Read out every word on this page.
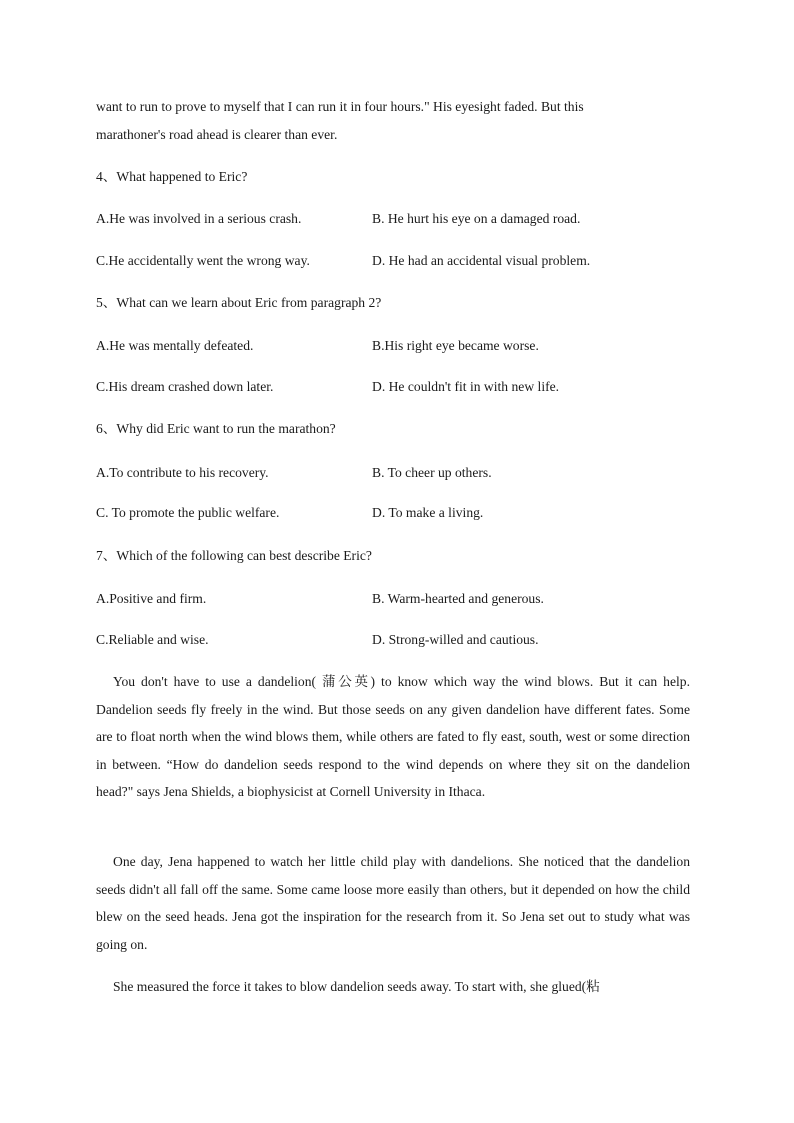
want to run to prove to myself that I can run it in four hours." His eyesight faded. But this
marathoner's road ahead is clearer than ever.
4、What happened to Eric?
A.He was involved in a serious crash.	B. He hurt his eye on a damaged road.
C.He accidentally went the wrong way.	D. He had an accidental visual problem.
5、What can we learn about Eric from paragraph 2?
A.He was mentally defeated.	B.His right eye became worse.
C.His dream crashed down later.	D. He couldn't fit in with new life.
6、Why did Eric want to run the marathon?
A.To contribute to his recovery.	B. To cheer up others.
C. To promote the public welfare.	D. To make a living.
7、Which of the following can best describe Eric?
A.Positive and firm.	B. Warm-hearted and generous.
C.Reliable and wise.	D. Strong-willed and cautious.
You don't have to use a dandelion( 蒲公英) to know which way the wind blows. But it can help. Dandelion seeds fly freely in the wind. But those seeds on any given dandelion have different fates. Some are to float north when the wind blows them, while others are fated to fly east, south, west or some direction in between. “How do dandelion seeds respond to the wind depends on where they sit on the dandelion head?" says Jena Shields, a biophysicist at Cornell University in Ithaca.
One day, Jena happened to watch her little child play with dandelions. She noticed that the dandelion seeds didn't all fall off the same. Some came loose more easily than others, but it depended on how the child blew on the seed heads. Jena got the inspiration for the research from it. So Jena set out to study what was going on.
She measured the force it takes to blow dandelion seeds away. To start with, she glued(粘
